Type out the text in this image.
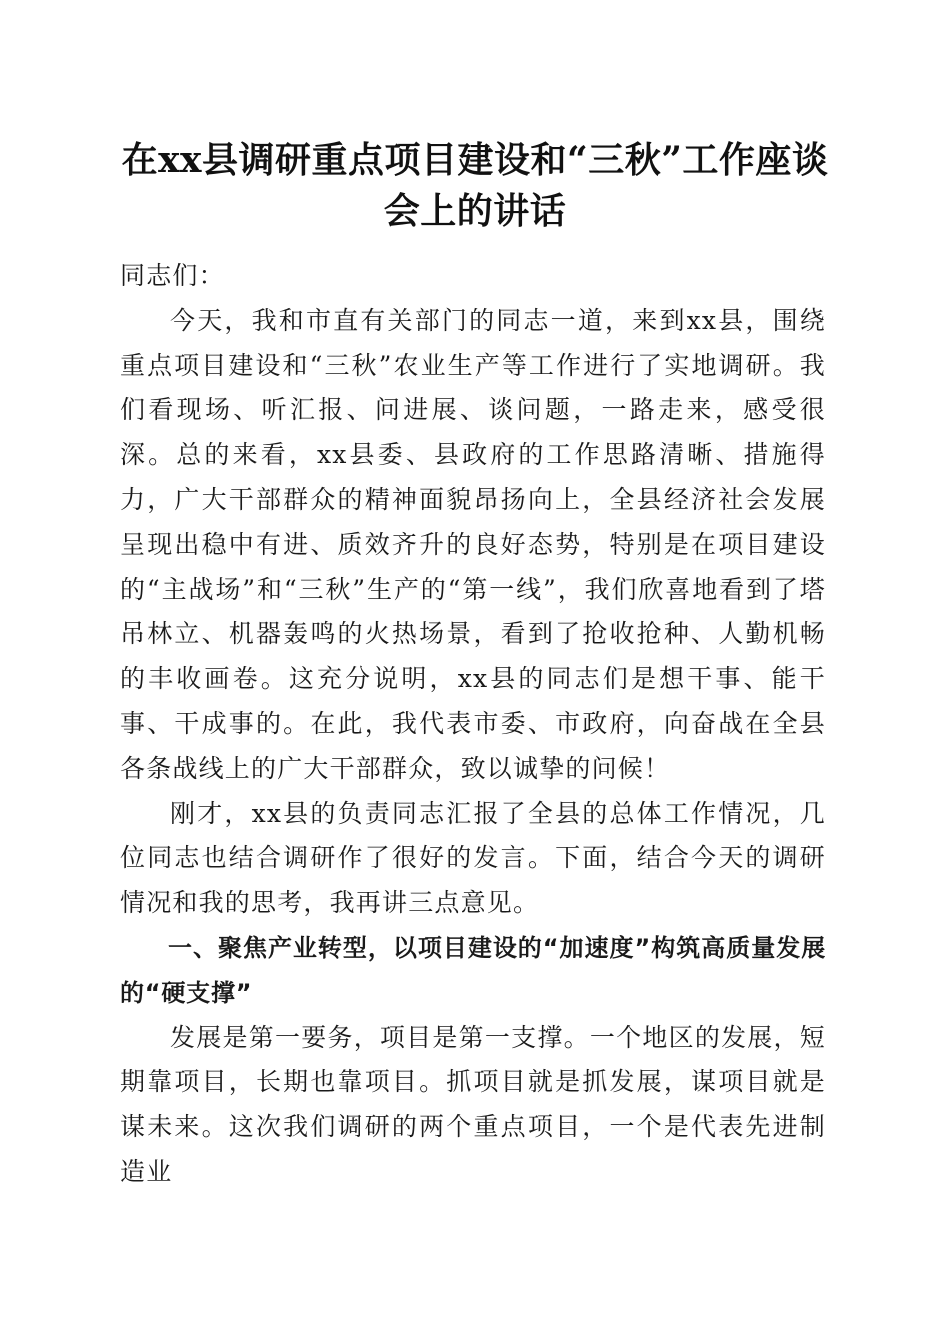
在xx县调研重点项目建设和“三秋”工作座谈会上的讲话

同志们：

今天，我和市直有关部门的同志一道，来到xx县，围绕重点项目建设和“三秋”农业生产等工作进行了实地调研。我们看现场、听汇报、问进展、谈问题，一路走来，感受很深。总的来看，xx县委、县政府的工作思路清晰、措施得力，广大干部群众的精神面貌昂扬向上，全县经济社会发展呈现出稳中有进、质效齐升的良好态势，特别是在项目建设的“主战场”和“三秋”生产的“第一线”，我们欣喜地看到了塔吊林立、机器轰鸣的火热场景，看到了抢收抢种、人勤机畅的丰收画卷。这充分说明，xx县的同志们是想干事、能干事、干成事的。在此，我代表市委、市政府，向奋战在全县各条战线上的广大干部群众，致以诚挚的问候！

刚才，xx县的负责同志汇报了全县的总体工作情况，几位同志也结合调研作了很好的发言。下面，结合今天的调研情况和我的思考，我再讲三点意见。

一、聚焦产业转型，以项目建设的“加速度”构筑高质量发展的“硬支撑”

发展是第一要务，项目是第一支撑。一个地区的发展，短期靠项目，长期也靠项目。抓项目就是抓发展，谋项目就是谋未来。这次我们调研的两个重点项目，一个是代表先进制造业
